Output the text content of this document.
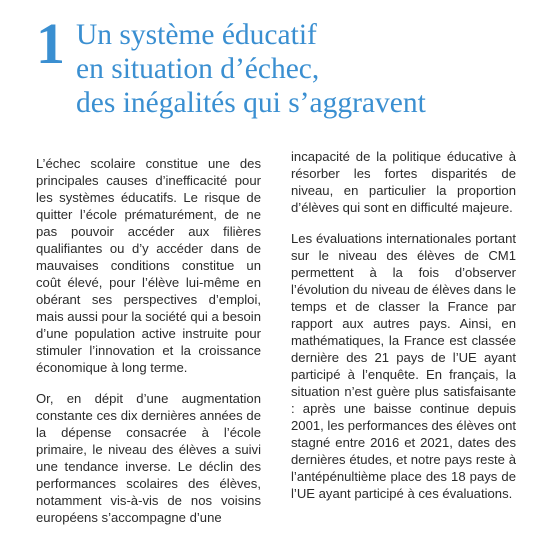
1 Un système éducatif
en situation d’échec,
des inégalités qui s’aggravent

L’échec scolaire constitue une des principales causes d’inefficacité pour les systèmes éducatifs. Le risque de quitter l’école prématurément, de ne pas pouvoir accéder aux filières qualifiantes ou d’y accéder dans de mauvaises conditions constitue un coût élevé, pour l’élève lui-même en obérant ses perspectives d’emploi, mais aussi pour la société qui a besoin d’une population active instruite pour stimuler l’innovation et la croissance économique à long terme.

Or, en dépit d’une augmentation constante ces dix dernières années de la dépense consacrée à l’école primaire, le niveau des élèves a suivi une tendance inverse. Le déclin des performances scolaires des élèves, notamment vis-à-vis de nos voisins européens s’accompagne d’une

incapacité de la politique éducative à résorber les fortes disparités de niveau, en particulier la proportion d’élèves qui sont en difficulté majeure.

Les évaluations internationales portant sur le niveau des élèves de CM1 permettent à la fois d’observer l’évolution du niveau de élèves dans le temps et de classer la France par rapport aux autres pays. Ainsi, en mathématiques, la France est classée dernière des 21 pays de l’UE ayant participé à l’enquête. En français, la situation n’est guère plus satisfaisante : après une baisse continue depuis 2001, les performances des élèves ont stagné entre 2016 et 2021, dates des dernières études, et notre pays reste à l’antépénultième place des 18 pays de l’UE ayant participé à ces évaluations.
